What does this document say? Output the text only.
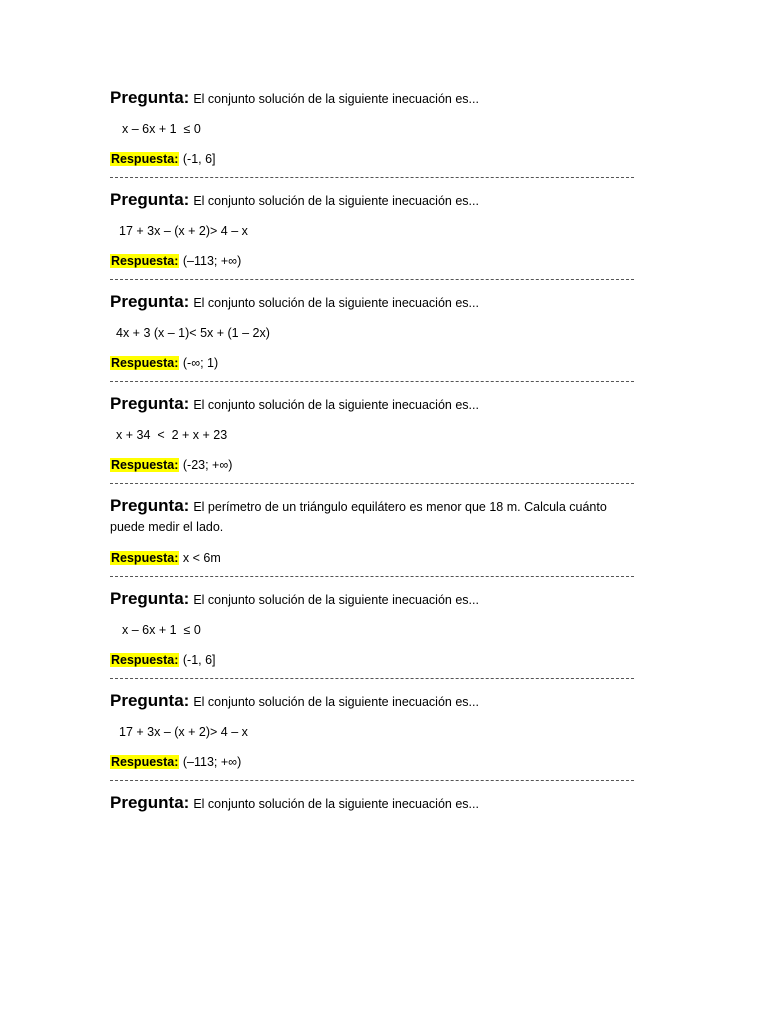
Pregunta: El conjunto solución de la siguiente inecuación es...

x – 6x + 1  ≤ 0

Respuesta: (-1, 6]

Pregunta: El conjunto solución de la siguiente inecuación es...

17 + 3x – (x + 2)> 4 – x

Respuesta: (–113; +∞)

Pregunta: El conjunto solución de la siguiente inecuación es...

4x + 3 (x – 1)< 5x + (1 – 2x)

Respuesta: (-∞; 1)

Pregunta: El conjunto solución de la siguiente inecuación es...

x + 34  <  2 + x + 23

Respuesta: (-23; +∞)

Pregunta: El perímetro de un triángulo equilátero es menor que 18 m. Calcula cuánto puede medir el lado.

Respuesta: x < 6m

Pregunta: El conjunto solución de la siguiente inecuación es...

x – 6x + 1  ≤ 0

Respuesta: (-1, 6]

Pregunta: El conjunto solución de la siguiente inecuación es...

17 + 3x – (x + 2)> 4 – x

Respuesta: (–113; +∞)

Pregunta: El conjunto solución de la siguiente inecuación es...
